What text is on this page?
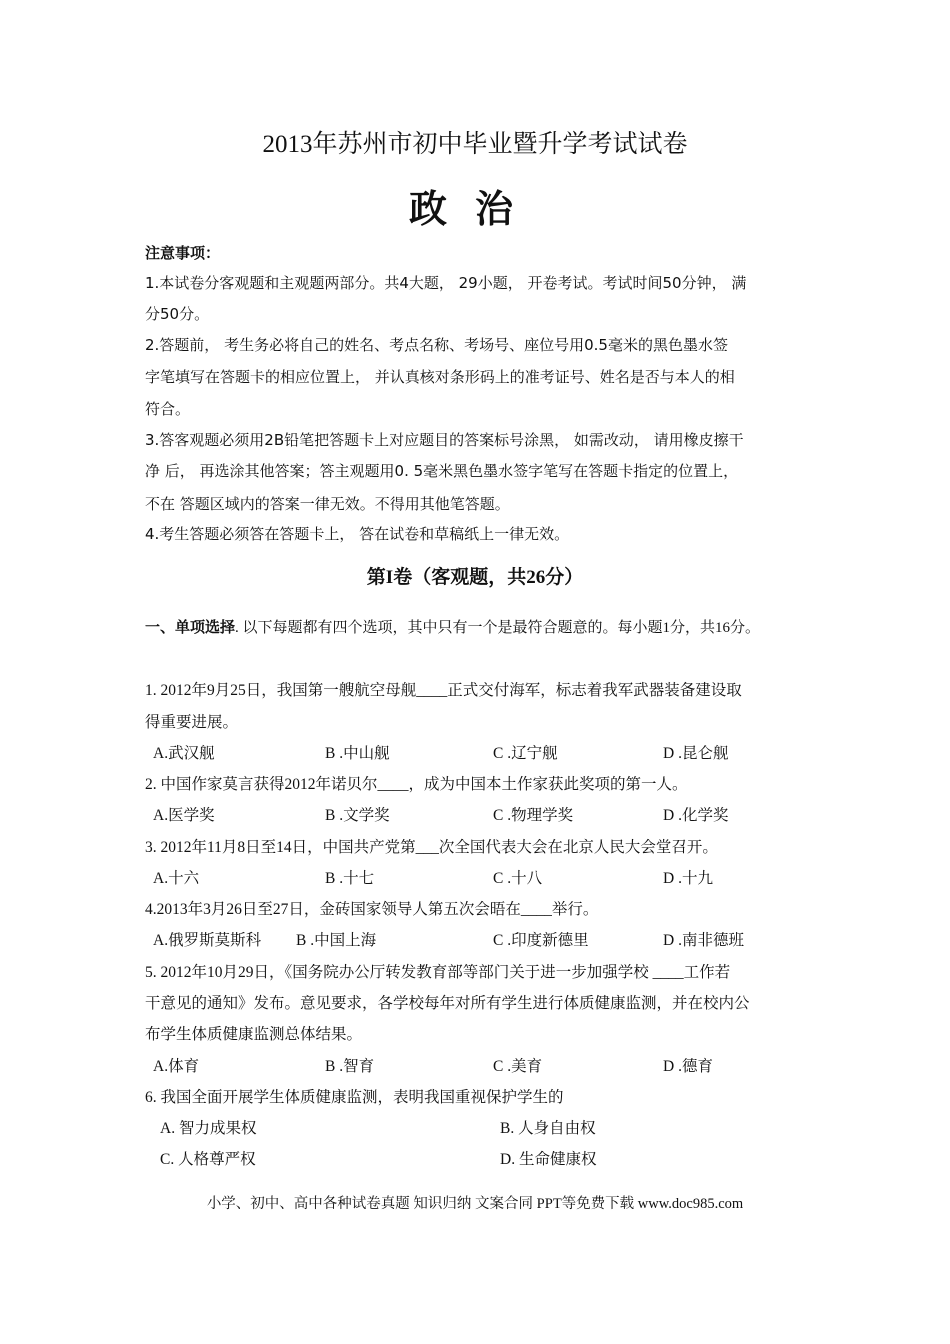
2013年苏州市初中毕业暨升学考试试卷
政治
注意事项：
1.本试卷分客观题和主观题两部分。共4大题， 29小题， 开卷考试。考试时间50分钟， 满
分50分。
2.答题前， 考生务必将自己的姓名、考点名称、考场号、座位号用0.5毫米的黑色墨水签
字笔填写在答题卡的相应位置上， 并认真核对条形码上的准考证号、姓名是否与本人的相
符合。
3.答客观题必须用2B铅笔把答题卡上对应题目的答案标号涂黑， 如需改动， 请用橡皮擦干
净 后， 再选涂其他答案；答主观题用0. 5毫米黑色墨水签字笔写在答题卡指定的位置上，
不在 答题区域内的答案一律无效。不得用其他笔答题。
4.考生答题必须答在答题卡上， 答在试卷和草稿纸上一律无效。
第I卷（客观题，共26分）
一、单项选择. 以下每题都有四个选项，其中只有一个是最符合题意的。每小题1分，共16分。
1. 2012年9月25日，我国第一艘航空母舰____正式交付海军，标志着我军武器装备建设取
得重要进展。
A.武汉舰	B .中山舰	C .辽宁舰	D .昆仑舰
2. 中国作家莫言获得2012年诺贝尔____，成为中国本土作家获此奖项的第一人。
A.医学奖	B .文学奖	C .物理学奖	D .化学奖
3. 2012年11月8日至14日，中国共产党第___次全国代表大会在北京人民大会堂召开。
A.十六	B .十七	C .十八	D .十九
4.2013年3月26日至27日，金砖国家领导人第五次会晤在____举行。
A.俄罗斯莫斯科 B .中国上海	C .印度新德里	D .南非德班
5. 2012年10月29日，《国务院办公厅转发教育部等部门关于进一步加强学校 ____工作若
干意见的通知》发布。意见要求，各学校每年对所有学生进行体质健康监测，并在校内公
布学生体质健康监测总体结果。
A.体育	B .智育	C .美育	D .德育
6. 我国全面开展学生体质健康监测，表明我国重视保护学生的
A. 智力成果权	B. 人身自由权
C. 人格尊严权	D. 生命健康权
小学、初中、高中各种试卷真题 知识归纳 文案合同 PPT等免费下载 www.doc985.com
